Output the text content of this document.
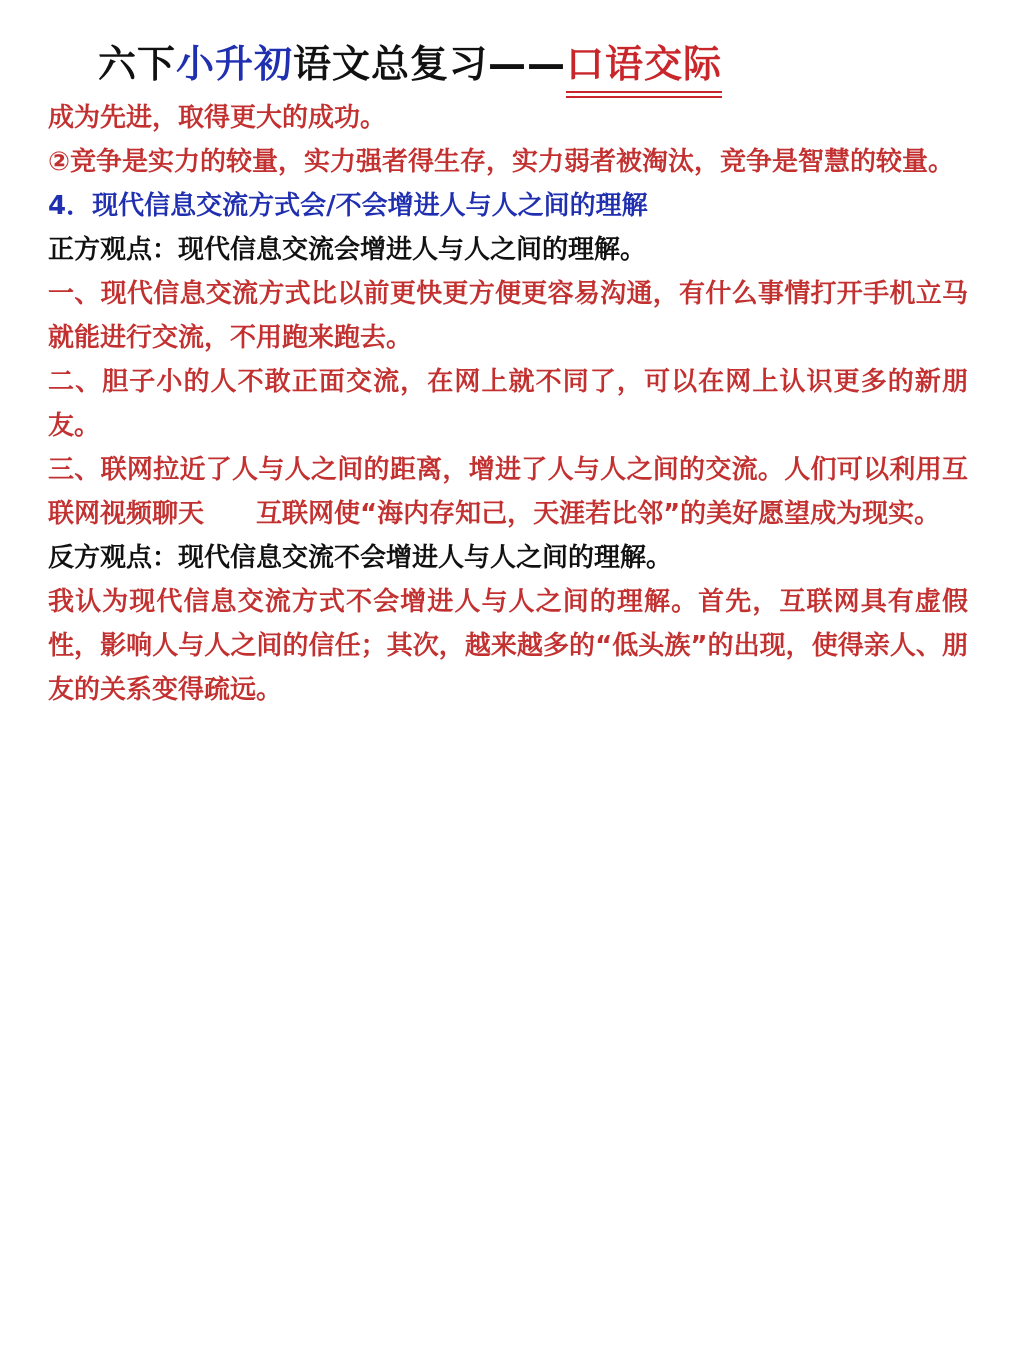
六下小升初语文总复习——口语交际

成为先进，取得更大的成功。

②竞争是实力的较量，实力强者得生存，实力弱者被淘汰，竞争是智慧的较量。

4．现代信息交流方式会/不会增进人与人之间的理解

正方观点：现代信息交流会增进人与人之间的理解。

一、现代信息交流方式比以前更快更方便更容易沟通，有什么事情打开手机立马就能进行交流，不用跑来跑去。

二、胆子小的人不敢正面交流，在网上就不同了，可以在网上认识更多的新朋友。

三、联网拉近了人与人之间的距离，增进了人与人之间的交流。人们可以利用互联网视频聊天　　互联网使“海内存知己，天涯若比邻”的美好愿望成为现实。

反方观点：现代信息交流不会增进人与人之间的理解。

我认为现代信息交流方式不会增进人与人之间的理解。首先，互联网具有虚假性，影响人与人之间的信任；其次，越来越多的“低头族”的出现，使得亲人、朋友的关系变得疏远。
